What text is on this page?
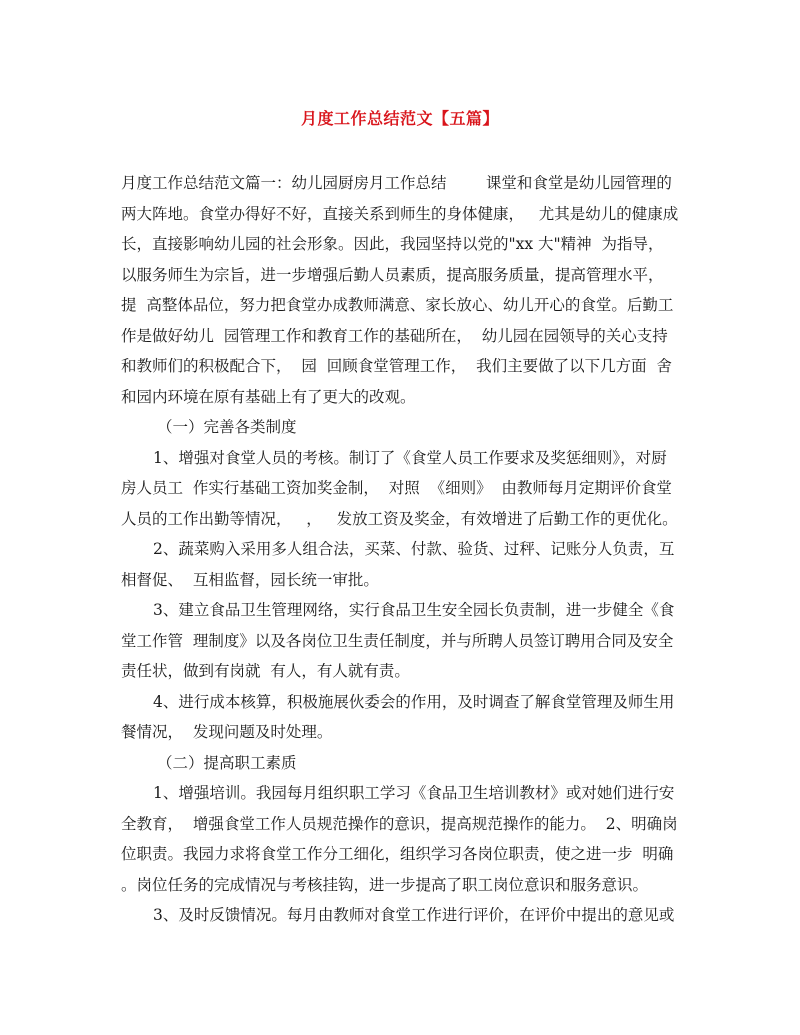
月度工作总结范文【五篇】
月度工作总结范文篇一：幼儿园厨房月工作总结        课堂和食堂是幼儿园管理的
两大阵地。食堂办得好不好，直接关系到师生的身体健康，   尤其是幼儿的健康成
长，直接影响幼儿园的社会形象。因此，我园坚持以党的"xx 大"精神  为指导，
以服务师生为宗旨，进一步增强后勤人员素质，提高服务质量，提高管理水平，
提  高整体品位，努力把食堂办成教师满意、家长放心、幼儿开心的食堂。后勤工
作是做好幼儿  园管理工作和教育工作的基础所在，  幼儿园在园领导的关心支持
和教师们的积极配合下，  园  回顾食堂管理工作，  我们主要做了以下几方面  舍
和园内环境在原有基础上有了更大的改观。
（一）完善各类制度
1、增强对食堂人员的考核。制订了《食堂人员工作要求及奖惩细则》，对厨
房人员工  作实行基础工资加奖金制，  对照  《细则》  由教师每月定期评价食堂
人员的工作出勤等情况，   ，   发放工资及奖金，有效增进了后勤工作的更优化。
2、蔬菜购入采用多人组合法，买菜、付款、验货、过秤、记账分人负责，互
相督促、  互相监督，园长统一审批。
3、建立食品卫生管理网络，实行食品卫生安全园长负责制，进一步健全《食
堂工作管  理制度》以及各岗位卫生责任制度，并与所聘人员签订聘用合同及安全
责任状，做到有岗就  有人，有人就有责。
4、进行成本核算，积极施展伙委会的作用，及时调查了解食堂管理及师生用
餐情况，  发现问题及时处理。
（二）提高职工素质
1、增强培训。我园每月组织职工学习《食品卫生培训教材》或对她们进行安
全教育，  增强食堂工作人员规范操作的意识，提高规范操作的能力。  2、明确岗
位职责。我园力求将食堂工作分工细化，组织学习各岗位职责，使之进一步  明确
。岗位任务的完成情况与考核挂钩，进一步提高了职工岗位意识和服务意识。
3、及时反馈情况。每月由教师对食堂工作进行评价，在评价中提出的意见或
